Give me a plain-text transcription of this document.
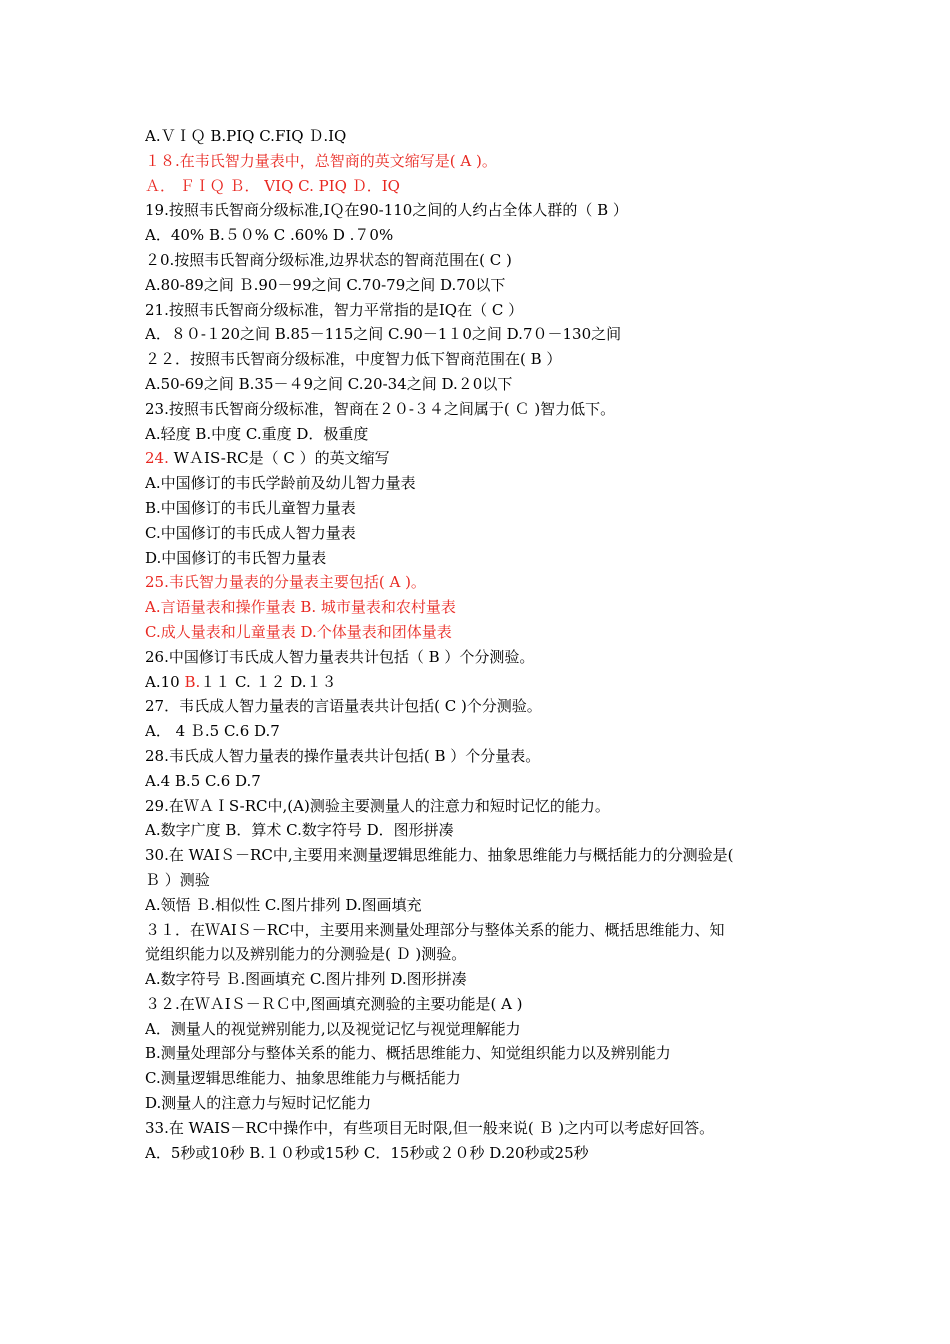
A.ＶＩＱ B.PIQ C.FIQ Ｄ.IQ
１８.在韦氏智力量表中，总智商的英文缩写是( A )。
Ａ． ＦＩＱ Ｂ． VIQ C. PIQ Ｄ．IQ
19.按照韦氏智商分级标准,IＱ在90-110之间的人约占全体人群的（ B ）
A．40% B.５０% C .60% D .７0%
２0.按照韦氏智商分级标准,边界状态的智商范围在( C )
A.80-89之间 Ｂ.90－99之间 C.70-79之间 D.70以下
21.按照韦氏智商分级标准，智力平常指的是IQ在（ C ）
A．８０-１20之间 B.85－115之间 C.90－1１0之间 D.7０－130之间
２２．按照韦氏智商分级标准，中度智力低下智商范围在( B ）
A.50-69之间 B.35－４9之间 C.20-34之间 D.２0以下
23.按照韦氏智商分级标准，智商在２０-３４之间属于( Ｃ )智力低下。
A.轻度 B.中度 C.重度 D．极重度
24. WＡIS-RC是（ C ）的英文缩写
A.中国修订的韦氏学龄前及幼儿智力量表
B.中国修订的韦氏儿童智力量表
C.中国修订的韦氏成人智力量表
D.中国修订的韦氏智力量表
25.韦氏智力量表的分量表主要包括( A )。
A.言语量表和操作量表 B. 城市量表和农村量表
C.成人量表和儿童量表 D.个体量表和团体量表
26.中国修订韦氏成人智力量表共计包括（ B ）个分测验。
A.10 B.１１ C. １２ D.１３
27．韦氏成人智力量表的言语量表共计包括( C )个分测验。
A． 4 Ｂ.5 C.6 D.7
28.韦氏成人智力量表的操作量表共计包括( B ）个分量表。
A.4 B.5 C.6 D.7
29.在ＷＡＩS-RC中,(A)测验主要测量人的注意力和短时记忆的能力。
A.数字广度 B．算术 C.数字符号 D．图形拼凑
30.在 WAIＳ－RC中,主要用来测量逻辑思维能力、抽象思维能力与概括能力的分测验是(
Ｂ ）测验
A.领悟 Ｂ.相似性 C.图片排列 D.图画填充
３１．在ＷAIＳ－RC中，主要用来测量处理部分与整体关系的能力、概括思维能力、知
觉组织能力以及辨别能力的分测验是( Ｄ )测验。
A.数字符号 Ｂ.图画填充 C.图片排列 D.图形拼凑
３２.在ＷＡIＳ－ＲＣ中,图画填充测验的主要功能是( A )
A．测量人的视觉辨别能力,以及视觉记忆与视觉理解能力
B.测量处理部分与整体关系的能力、概括思维能力、知觉组织能力以及辨别能力
C.测量逻辑思维能力、抽象思维能力与概括能力
D.测量人的注意力与短时记忆能力
33.在 WAIS－RC中操作中，有些项目无时限,但一般来说( Ｂ )之内可以考虑好回答。
A．5秒或10秒 B.１０秒或15秒 C．15秒或２０秒 D.20秒或25秒
